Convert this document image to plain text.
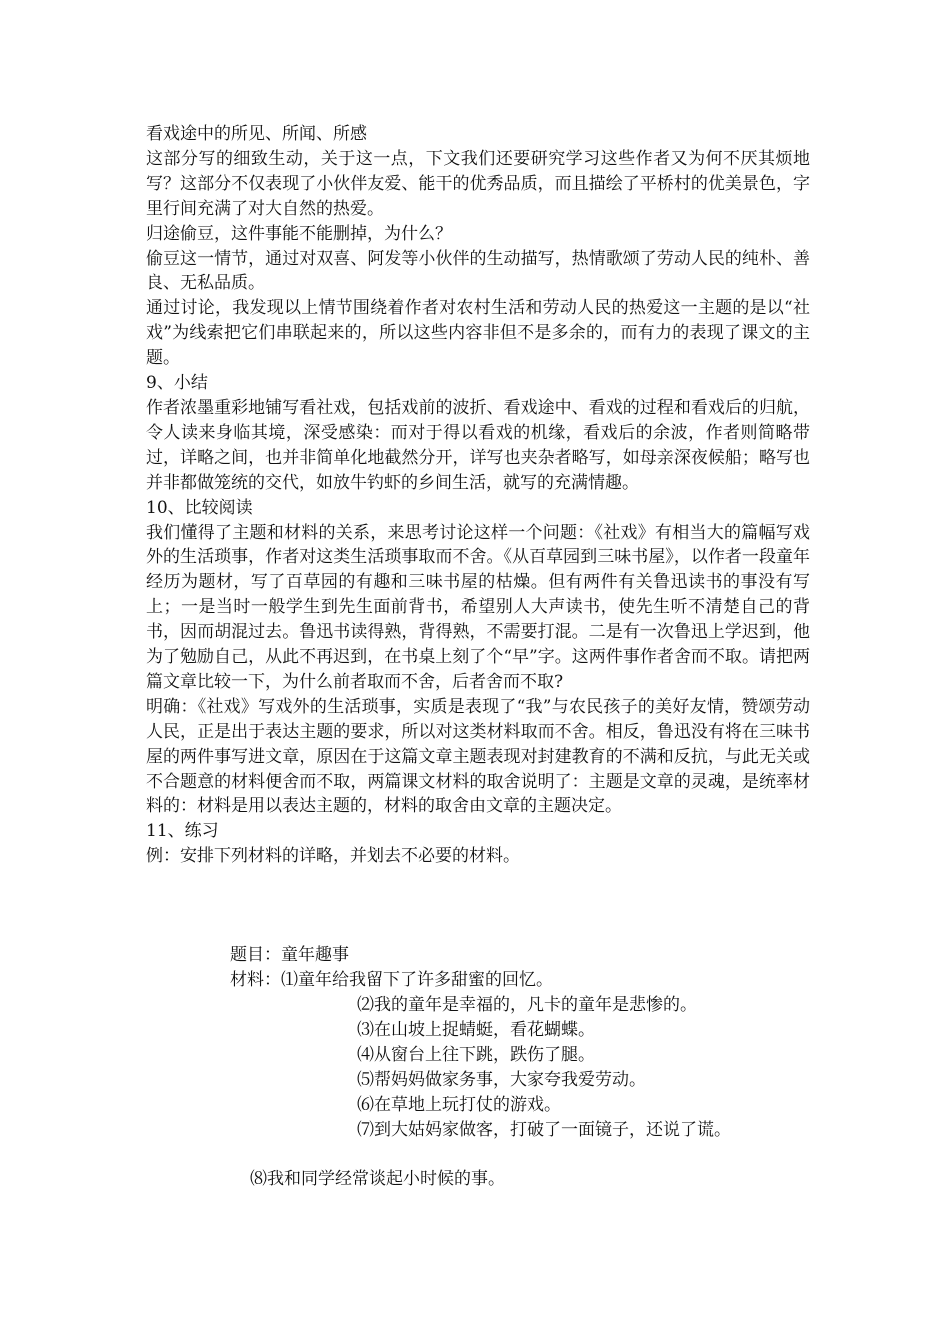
看戏途中的所见、所闻、所感

这部分写的细致生动，关于这一点，下文我们还要研究学习这些作者又为何不厌其烦地写？这部分不仅表现了小伙伴友爱、能干的优秀品质，而且描绘了平桥村的优美景色，字里行间充满了对大自然的热爱。

归途偷豆，这件事能不能删掉，为什么？

偷豆这一情节，通过对双喜、阿发等小伙伴的生动描写，热情歌颂了劳动人民的纯朴、善良、无私品质。

通过讨论，我发现以上情节围绕着作者对农村生活和劳动人民的热爱这一主题的是以“社戏”为线索把它们串联起来的，所以这些内容非但不是多余的，而有力的表现了课文的主题。

9、小结

作者浓墨重彩地铺写看社戏，包括戏前的波折、看戏途中、看戏的过程和看戏后的归航，令人读来身临其境，深受感染：而对于得以看戏的机缘，看戏后的余波，作者则简略带过，详略之间，也并非简单化地截然分开，详写也夹杂者略写，如母亲深夜候船；略写也并非都做笼统的交代，如放牛钓虾的乡间生活，就写的充满情趣。

10、比较阅读

我们懂得了主题和材料的关系，来思考讨论这样一个问题：《社戏》有相当大的篇幅写戏外的生活琐事，作者对这类生活琐事取而不舍。《从百草园到三味书屋》，以作者一段童年经历为题材，写了百草园的有趣和三味书屋的枯燥。但有两件有关鲁迅读书的事没有写上；一是当时一般学生到先生面前背书，希望别人大声读书，使先生听不清楚自己的背书，因而胡混过去。鲁迅书读得熟，背得熟，不需要打混。二是有一次鲁迅上学迟到，他为了勉励自己，从此不再迟到，在书桌上刻了个“早”字。这两件事作者舍而不取。请把两篇文章比较一下，为什么前者取而不舍，后者舍而不取?

明确：《社戏》写戏外的生活琐事，实质是表现了“我”与农民孩子的美好友情，赞颂劳动人民，正是出于表达主题的要求，所以对这类材料取而不舍。相反，鲁迅没有将在三味书屋的两件事写进文章，原因在于这篇文章主题表现对封建教育的不满和反抗，与此无关或不合题意的材料便舍而不取，两篇课文材料的取舍说明了：主题是文章的灵魂，是统率材料的：材料是用以表达主题的，材料的取舍由文章的主题决定。

11、练习

例：安排下列材料的详略，并划去不必要的材料。

题目：童年趣事
材料：⑴童年给我留下了许多甜蜜的回忆。
⑵我的童年是幸福的，凡卡的童年是悲惨的。
⑶在山坡上捉蜻蜓，看花蝴蝶。
⑷从窗台上往下跳，跌伤了腿。
⑸帮妈妈做家务事，大家夸我爱劳动。
⑹在草地上玩打仗的游戏。
⑺到大姑妈家做客，打破了一面镜子，还说了谎。
⑻我和同学经常谈起小时候的事。
